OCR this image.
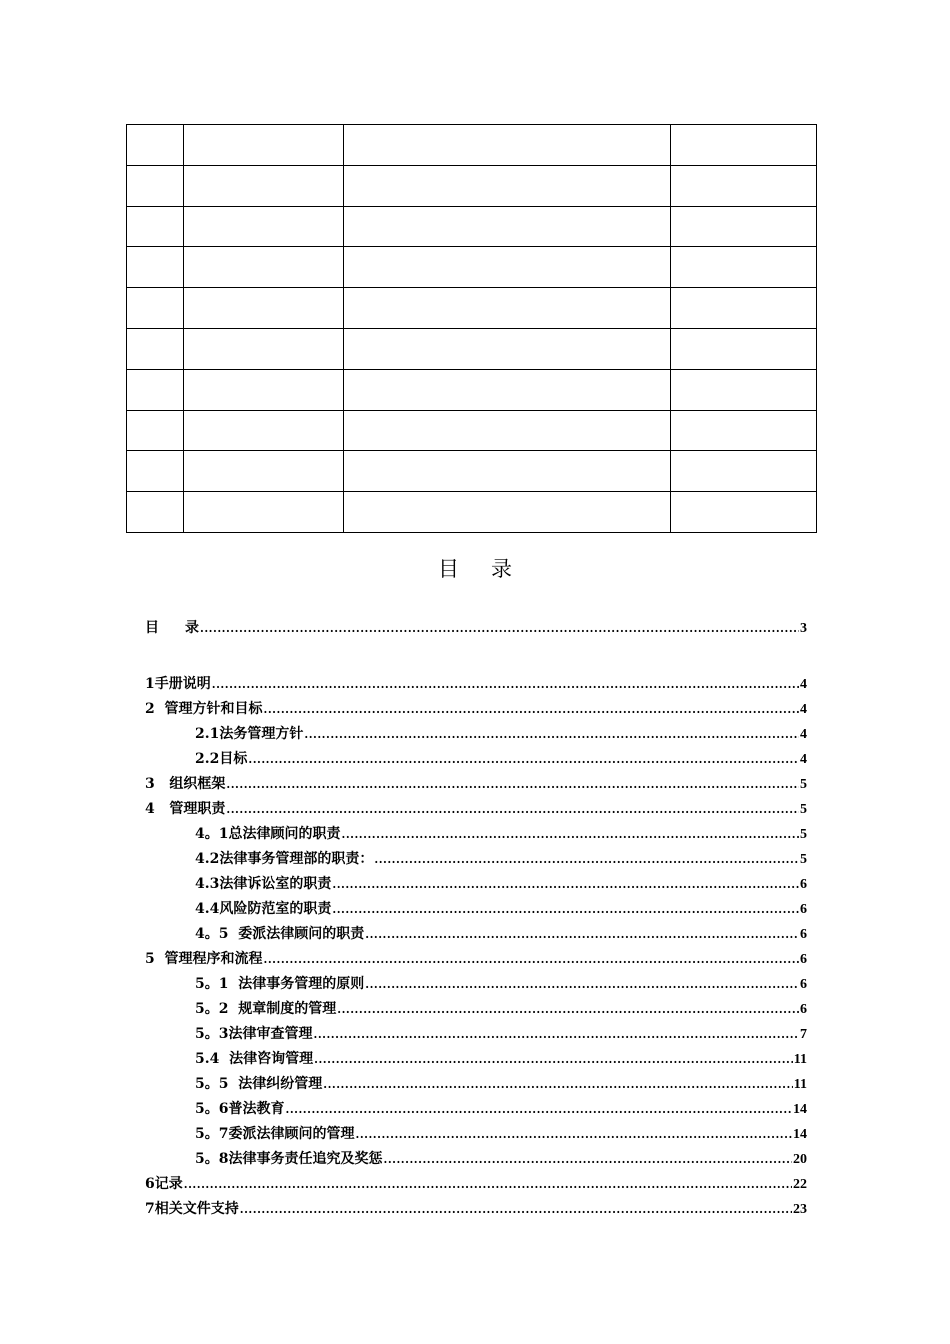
目 录
目 录 .....	3
1手册说明 .....	4
2  管理方针和目标 .....	4
2.1法务管理方针 .....	4
2.2目标 .....	4
3   组织框架 .....	5
4   管理职责 .....	5
4。1总法律顾问的职责 .....	5
4.2法律事务管理部的职责： .....	5
4.3法律诉讼室的职责 .....	6
4.4风险防范室的职责 .....	6
4。5  委派法律顾问的职责 .....	6
5  管理程序和流程 .....	6
5。1  法律事务管理的原则 .....	6
5。2  规章制度的管理 .....	6
5。3法律审查管理 .....	7
5.4  法律咨询管理 .....	11
5。5  法律纠纷管理 .....	11
5。6普法教育 .....	14
5。7委派法律顾问的管理 .....	14
5。8法律事务责任追究及奖惩 .....	20
6记录 .....	22
7相关文件支持 .....	23
